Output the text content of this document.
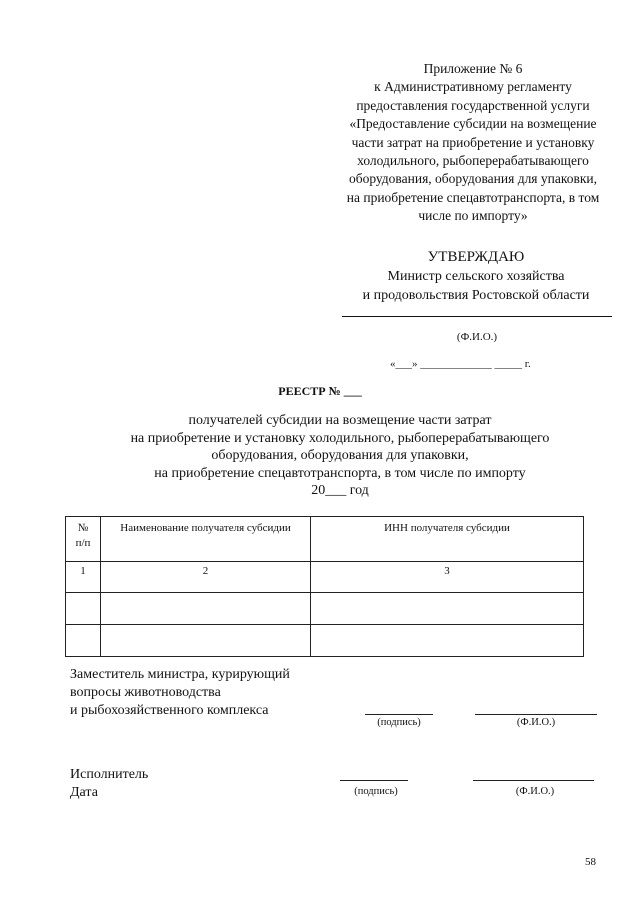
Приложение № 6
к Административному регламенту
предоставления государственной услуги
«Предоставление субсидии на возмещение
части затрат на приобретение и установку
холодильного, рыбоперерабатывающего
оборудования, оборудования для упаковки,
на приобретение спецавтотранспорта, в том
числе по импорту»
УТВЕРЖДАЮ
Министр сельского хозяйства
и продовольствия Ростовской области
(Ф.И.О.)
«___» _____________ _____ г.
РЕЕСТР № ___
получателей субсидии на возмещение части затрат
на приобретение и установку холодильного, рыбоперерабатывающего
оборудования, оборудования для упаковки,
на приобретение спецавтотранспорта, в том числе по импорту
20___ год
№ п/п	Наименование получателя субсидии	ИНН получателя субсидии
1	2	3

Заместитель министра, курирующий
вопросы животноводства
и рыбохозяйственного комплекса
(подпись)	(Ф.И.О.)
Исполнитель
Дата	(подпись)	(Ф.И.О.)
58
